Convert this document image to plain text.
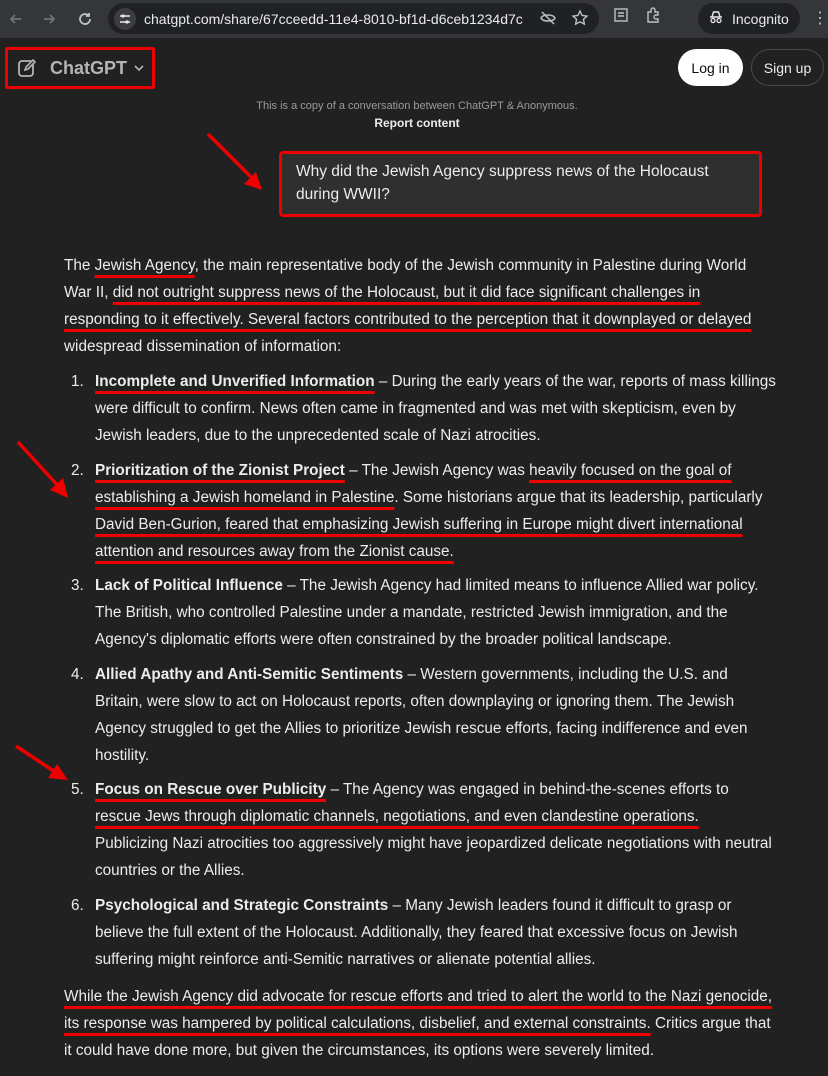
chatgpt.com/share/67cceedd-11e4-8010-bf1d-d6ceb1234d7c	Incognito ⋮
ChatGPT	Log in	Sign up
This is a copy of a conversation between ChatGPT & Anonymous.
Report content
Why did the Jewish Agency suppress news of the Holocaust during WWII?

The Jewish Agency, the main representative body of the Jewish community in Palestine during World War II, did not outright suppress news of the Holocaust, but it did face significant challenges in responding to it effectively. Several factors contributed to the perception that it downplayed or delayed widespread dissemination of information:

1. Incomplete and Unverified Information – During the early years of the war, reports of mass killings were difficult to confirm. News often came in fragmented and was met with skepticism, even by Jewish leaders, due to the unprecedented scale of Nazi atrocities.
2. Prioritization of the Zionist Project – The Jewish Agency was heavily focused on the goal of establishing a Jewish homeland in Palestine. Some historians argue that its leadership, particularly David Ben-Gurion, feared that emphasizing Jewish suffering in Europe might divert international attention and resources away from the Zionist cause.
3. Lack of Political Influence – The Jewish Agency had limited means to influence Allied war policy. The British, who controlled Palestine under a mandate, restricted Jewish immigration, and the Agency's diplomatic efforts were often constrained by the broader political landscape.
4. Allied Apathy and Anti-Semitic Sentiments – Western governments, including the U.S. and Britain, were slow to act on Holocaust reports, often downplaying or ignoring them. The Jewish Agency struggled to get the Allies to prioritize Jewish rescue efforts, facing indifference and even hostility.
5. Focus on Rescue over Publicity – The Agency was engaged in behind-the-scenes efforts to rescue Jews through diplomatic channels, negotiations, and even clandestine operations. Publicizing Nazi atrocities too aggressively might have jeopardized delicate negotiations with neutral countries or the Allies.
6. Psychological and Strategic Constraints – Many Jewish leaders found it difficult to grasp or believe the full extent of the Holocaust. Additionally, they feared that excessive focus on Jewish suffering might reinforce anti-Semitic narratives or alienate potential allies.

While the Jewish Agency did advocate for rescue efforts and tried to alert the world to the Nazi genocide, its response was hampered by political calculations, disbelief, and external constraints. Critics argue that it could have done more, but given the circumstances, its options were severely limited.
